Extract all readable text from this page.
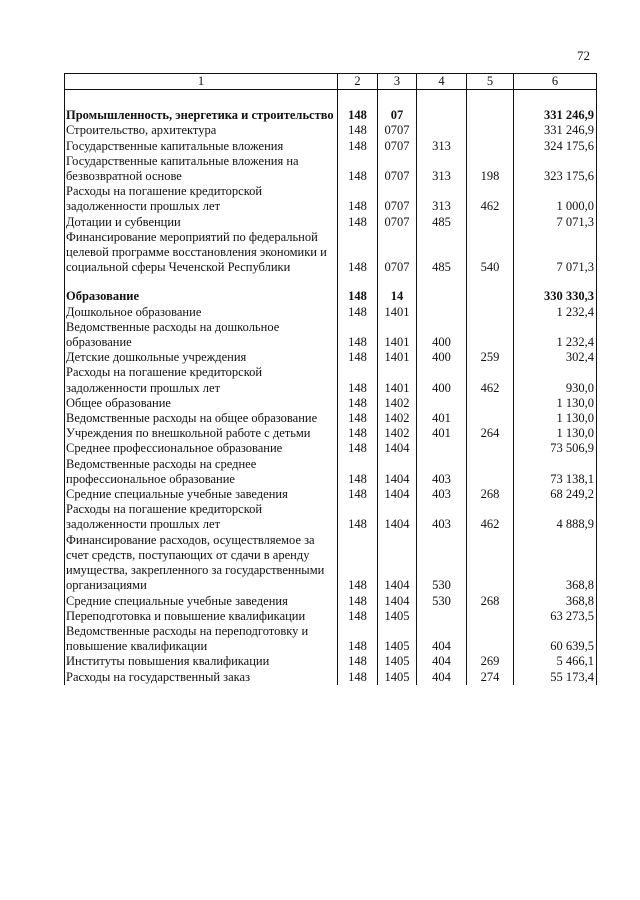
72
1	2	3	4	5	6

Промышленность, энергетика и строительство	148	07			331 246,9
Строительство, архитектура	148	0707			331 246,9
Государственные капитальные вложения	148	0707	313		324 175,6
Государственные капитальные вложения на безвозвратной основе	148	0707	313	198	323 175,6
Расходы на погашение кредиторской задолженности прошлых лет	148	0707	313	462	1 000,0
Дотации и субвенции	148	0707	485		7 071,3
Финансирование мероприятий по федеральной целевой программе восстановления экономики и социальной сферы Чеченской Республики	148	0707	485	540	7 071,3

Образование	148	14			330 330,3
Дошкольное образование	148	1401			1 232,4
Ведомственные расходы на дошкольное образование	148	1401	400		1 232,4
Детские дошкольные учреждения	148	1401	400	259	302,4
Расходы на погашение кредиторской задолженности прошлых лет	148	1401	400	462	930,0
Общее образование	148	1402			1 130,0
Ведомственные расходы на общее образование	148	1402	401		1 130,0
Учреждения по внешкольной работе с детьми	148	1402	401	264	1 130,0
Среднее профессиональное образование	148	1404			73 506,9
Ведомственные расходы на среднее профессиональное образование	148	1404	403		73 138,1
Средние специальные учебные заведения	148	1404	403	268	68 249,2
Расходы на погашение кредиторской задолженности прошлых лет	148	1404	403	462	4 888,9
Финансирование расходов, осуществляемое за счет средств, поступающих от сдачи в аренду имущества, закрепленного за государственными организациями	148	1404	530		368,8
Средние специальные учебные заведения	148	1404	530	268	368,8
Переподготовка и повышение квалификации	148	1405			63 273,5
Ведомственные расходы на переподготовку и повышение квалификации	148	1405	404		60 639,5
Институты повышения квалификации	148	1405	404	269	5 466,1
Расходы на государственный заказ	148	1405	404	274	55 173,4
